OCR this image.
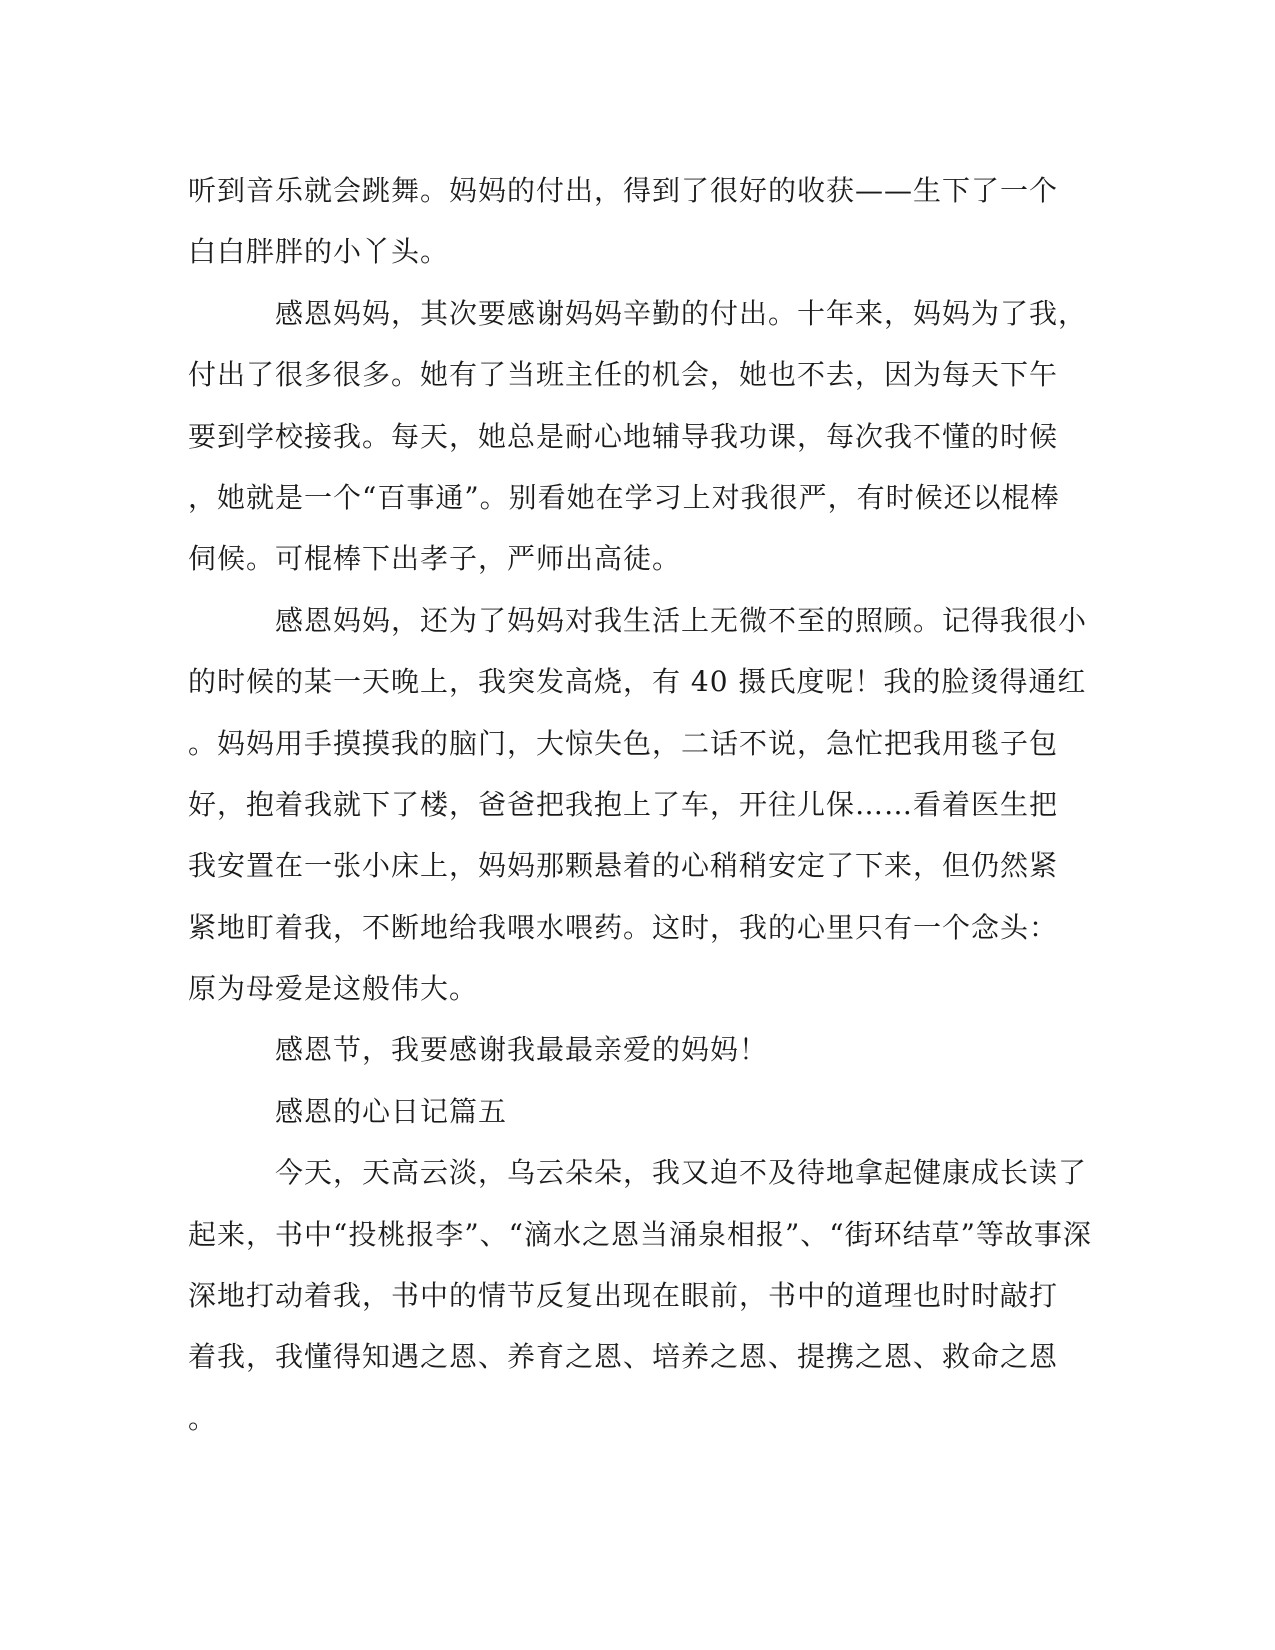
听到音乐就会跳舞。妈妈的付出，得到了很好的收获——生下了一个
白白胖胖的小丫头。
　　　感恩妈妈，其次要感谢妈妈辛勤的付出。十年来，妈妈为了我，
付出了很多很多。她有了当班主任的机会，她也不去，因为每天下午
要到学校接我。每天，她总是耐心地辅导我功课，每次我不懂的时候
，她就是一个“百事通”。别看她在学习上对我很严，有时候还以棍棒
伺候。可棍棒下出孝子，严师出高徒。
　　　感恩妈妈，还为了妈妈对我生活上无微不至的照顾。记得我很小
的时候的某一天晚上，我突发高烧，有 40 摄氏度呢！我的脸烫得通红
。妈妈用手摸摸我的脑门，大惊失色，二话不说，急忙把我用毯子包
好，抱着我就下了楼，爸爸把我抱上了车，开往儿保……看着医生把
我安置在一张小床上，妈妈那颗悬着的心稍稍安定了下来，但仍然紧
紧地盯着我，不断地给我喂水喂药。这时，我的心里只有一个念头：
原为母爱是这般伟大。
　　　感恩节，我要感谢我最最亲爱的妈妈！
　　　感恩的心日记篇五
　　　今天，天高云淡，乌云朵朵，我又迫不及待地拿起健康成长读了
起来，书中“投桃报李”、“滴水之恩当涌泉相报”、“街环结草”等故事深
深地打动着我，书中的情节反复出现在眼前，书中的道理也时时敲打
着我，我懂得知遇之恩、养育之恩、培养之恩、提携之恩、救命之恩
。
